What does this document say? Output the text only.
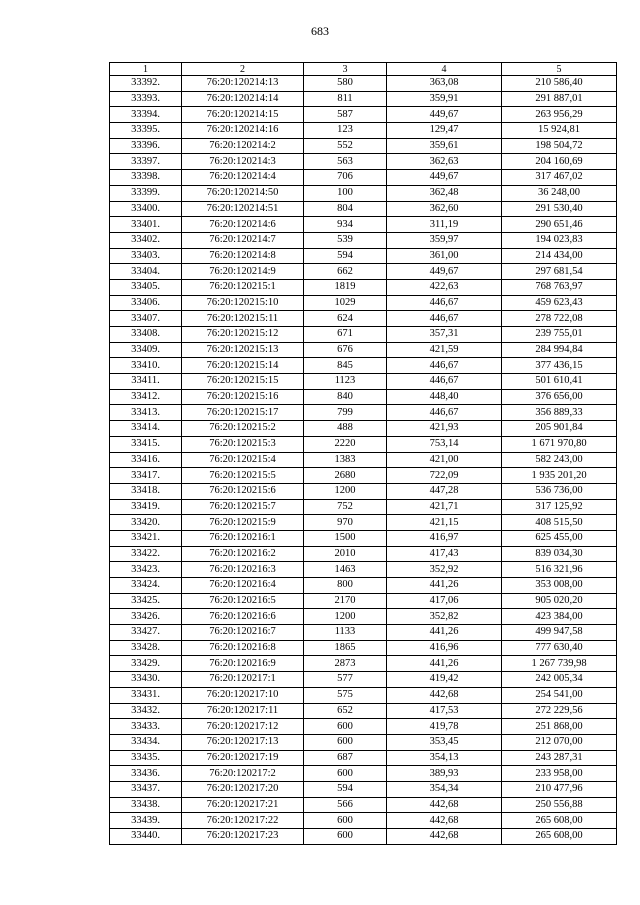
683
1	2	3	4	5
33392.	76:20:120214:13	580	363,08	210 586,40
33393.	76:20:120214:14	811	359,91	291 887,01
33394.	76:20:120214:15	587	449,67	263 956,29
33395.	76:20:120214:16	123	129,47	15 924,81
33396.	76:20:120214:2	552	359,61	198 504,72
33397.	76:20:120214:3	563	362,63	204 160,69
33398.	76:20:120214:4	706	449,67	317 467,02
33399.	76:20:120214:50	100	362,48	36 248,00
33400.	76:20:120214:51	804	362,60	291 530,40
33401.	76:20:120214:6	934	311,19	290 651,46
33402.	76:20:120214:7	539	359,97	194 023,83
33403.	76:20:120214:8	594	361,00	214 434,00
33404.	76:20:120214:9	662	449,67	297 681,54
33405.	76:20:120215:1	1819	422,63	768 763,97
33406.	76:20:120215:10	1029	446,67	459 623,43
33407.	76:20:120215:11	624	446,67	278 722,08
33408.	76:20:120215:12	671	357,31	239 755,01
33409.	76:20:120215:13	676	421,59	284 994,84
33410.	76:20:120215:14	845	446,67	377 436,15
33411.	76:20:120215:15	1123	446,67	501 610,41
33412.	76:20:120215:16	840	448,40	376 656,00
33413.	76:20:120215:17	799	446,67	356 889,33
33414.	76:20:120215:2	488	421,93	205 901,84
33415.	76:20:120215:3	2220	753,14	1 671 970,80
33416.	76:20:120215:4	1383	421,00	582 243,00
33417.	76:20:120215:5	2680	722,09	1 935 201,20
33418.	76:20:120215:6	1200	447,28	536 736,00
33419.	76:20:120215:7	752	421,71	317 125,92
33420.	76:20:120215:9	970	421,15	408 515,50
33421.	76:20:120216:1	1500	416,97	625 455,00
33422.	76:20:120216:2	2010	417,43	839 034,30
33423.	76:20:120216:3	1463	352,92	516 321,96
33424.	76:20:120216:4	800	441,26	353 008,00
33425.	76:20:120216:5	2170	417,06	905 020,20
33426.	76:20:120216:6	1200	352,82	423 384,00
33427.	76:20:120216:7	1133	441,26	499 947,58
33428.	76:20:120216:8	1865	416,96	777 630,40
33429.	76:20:120216:9	2873	441,26	1 267 739,98
33430.	76:20:120217:1	577	419,42	242 005,34
33431.	76:20:120217:10	575	442,68	254 541,00
33432.	76:20:120217:11	652	417,53	272 229,56
33433.	76:20:120217:12	600	419,78	251 868,00
33434.	76:20:120217:13	600	353,45	212 070,00
33435.	76:20:120217:19	687	354,13	243 287,31
33436.	76:20:120217:2	600	389,93	233 958,00
33437.	76:20:120217:20	594	354,34	210 477,96
33438.	76:20:120217:21	566	442,68	250 556,88
33439.	76:20:120217:22	600	442,68	265 608,00
33440.	76:20:120217:23	600	442,68	265 608,00
